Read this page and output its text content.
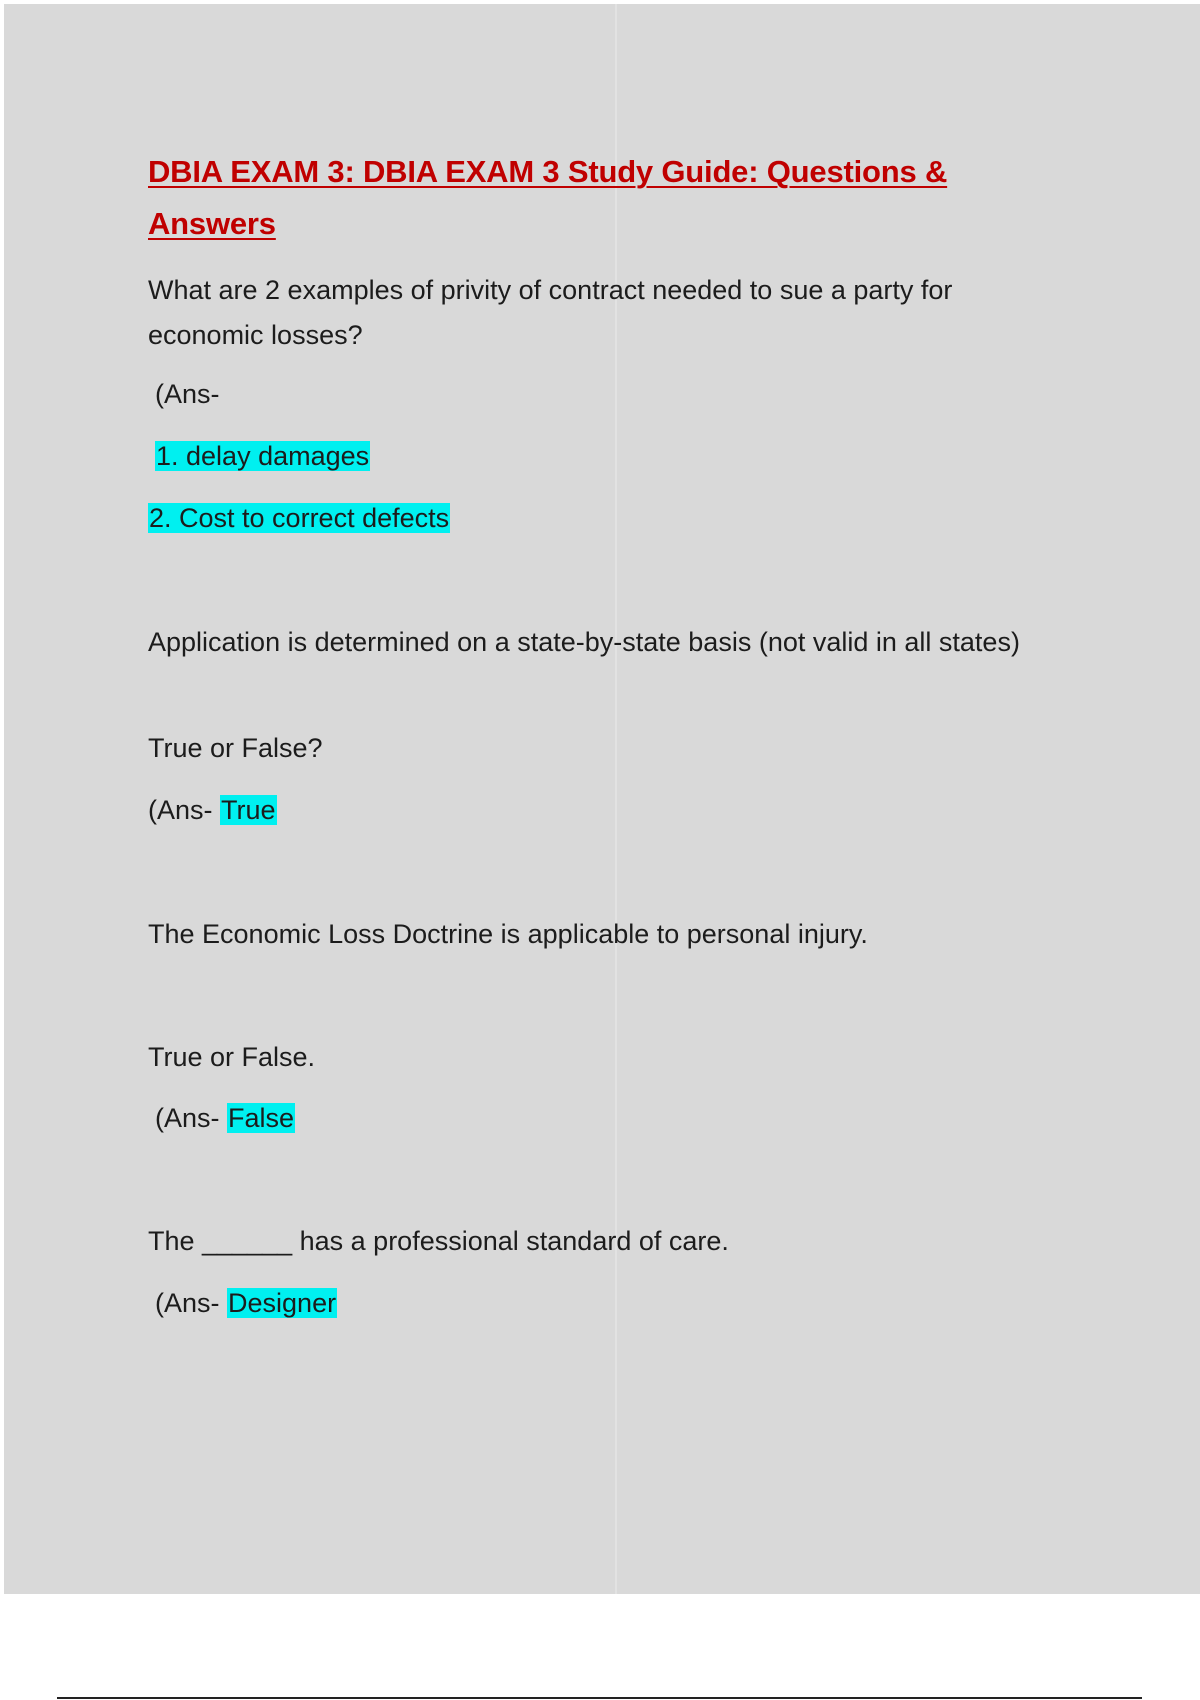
DBIA EXAM 3: DBIA EXAM 3 Study Guide: Questions & Answers

What are 2 examples of privity of contract needed to sue a party for economic losses?

(Ans-

1. delay damages

2. Cost to correct defects

Application is determined on a state-by-state basis (not valid in all states)

True or False?

(Ans- True

The Economic Loss Doctrine is applicable to personal injury.

True or False.

(Ans- False

The ______ has a professional standard of care.

(Ans- Designer
